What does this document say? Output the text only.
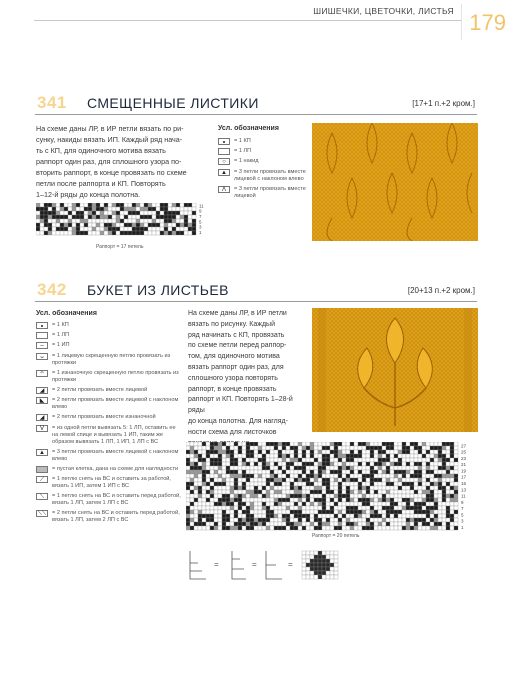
ШИШЕЧКИ, ЦВЕТОЧКИ, ЛИСТЬЯ 179
341 СМЕЩЕННЫЕ ЛИСТИКИ	[17+1 п.+2 кром.]
На схеме даны ЛР, в ИР петли вязать по ри-
сунку, накиды вязать ИП. Каждый ряд нача-
ть с КП, для одиночного мотива вязать
раппорт один раз, для сплошного узора по-
вторить раппорт, в конце провязать по схеме
петли после раппорта и КП. Повторять
1–12-й ряды до конца полотна.
Усл. обозначения
= 1 КП
= 1 ЛП
○	= 1 накид
▲	= 3 петли провязать вместе лицевой с наклоном влево
Λ	= 3 петли провязать вместе лицевой
11
9
7
5
3
1
Раппорт = 17 петель
342 БУКЕТ ИЗ ЛИСТЬЕВ	[20+13 п.+2 кром.]
Усл. обозначения
= 1 КП
= 1 ЛП
–	= 1 ИП
ᴗ	= 1 лицевую скрещенную петлю провязать из протяжки
ᴖ	= 1 изнаночную скрещенную петлю провязать из протяжки
◢	= 2 петли провязать вместе лицевой
◣	= 2 петли провязать вместе лицевой с наклоном влево
◢	= 2 петли провязать вместе изнаночной
V	= из одной петли вывязать 5: 1 ЛП, оставить ее на левой спице и вывязать 1 ИП, таким же образом вывязать 1 ЛП, 1 ИП, 1 ЛП с ВС
▲	= 3 петли провязать вместе лицевой с наклоном влево
= пустая клетка, дана на схеме для наглядности
⟋	= 1 петлю снять на ВС и оставить за работой, вязать 1 ИП, затем 1 ИП с ВС
⟍	= 1 петлю снять на ВС и оставить перед работой, вязать 1 ЛП, затем 1 ЛП с ВС
⟍⟍	= 2 петли снять на ВС и оставить перед работой, вязать 1 ЛП, затем 2 ЛП с ВС
На схеме даны ЛР, в ИР петли
вязать по рисунку. Каждый
ряд начинать с КП, провязать
по схеме петли перед раппор-
том, для одиночного мотива
вязать раппорт один раз, для
сплошного узора повторять
раппорт, в конце провязать
раппорт и КП. Повторять 1–28-й ряды
до конца полотна. Для нагляд-
ности схема для листочков

27
25
23
21
19
17
15
13
11
9
7
5
3
1
Раппорт = 20 петель
=	=	=
